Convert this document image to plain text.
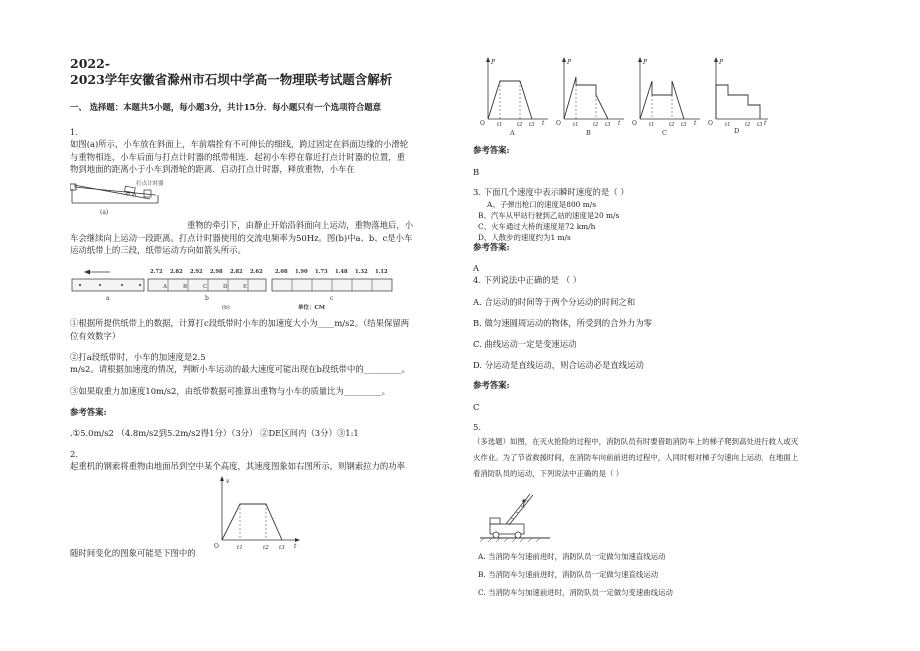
2022-
2023学年安徽省滁州市石坝中学高一物理联考试题含解析
一、 选择题：本题共5小题，每小题3分，共计15分．每小题只有一个选项符合题意
1.
如图(a)所示，小车放在斜面上，车前端拴有不可伸长的细线，跨过固定在斜面边缘的小滑轮
与重物相连，小车后面与打点计时器的纸带相连．起初小车停在靠近打点计时器的位置，重
物到地面的距离小于小车到滑轮的距离．启动打点计时器，释放重物，小车在
打点计时器
(a)
重物的牵引下，由静止开始沿斜面向上运动，重物落地后，小
车会继续向上运动一段距离。打点计时器使用的交流电频率为50Hz。图(b)中a、b、c是小车
运动纸带上的三段，纸带运动方向如箭头所示。
a
2.72 2.82 2.92 2.98 2.82 2.62
A	B	C	D	E
b
2.08 1.90 1.73 1.48 1.32 1.12
c
(b)	单位：CM
①根据所提供纸带上的数据，计算打c段纸带时小车的加速度大小为____m/s2。（结果保留两
位有效数字）
②打a段纸带时，小车的加速度是2.5
m/s2。请根据加速度的情况，判断小车运动的最大速度可能出现在b段纸带中的_________。
③如果取重力加速度10m/s2，由纸带数据可推算出重物与小车的质量比为_________。
参考答案:
.①5.0m/s2 （4.8m/s2到5.2m/s2得1分）（3分） ②DE区间内（3分）③1:1
2.
起重机的钢索将重物由地面吊到空中某个高度，其速度图象如右图所示，则钢索拉力的功率
v
O	t1	t2 t3 t
随时间变化的图象可能是下图中的
P
O t1	t2 t3 t
A
P
O t1	t2 t3 t
B
P
O t1	t2 t3 t
C
P
O t1	t2 t3 t
D
参考答案:
B
3. 下面几个速度中表示瞬时速度的是（ ）
A、子弹出枪口的速度是800 m/s
B、汽车从甲站行驶到乙站的速度是20 m/s
C、火车通过大桥的速度是72 km/h
D、人散步的速度约为1 m/s
参考答案:
A
4. 下列说法中正确的是 （ ）
A. 合运动的时间等于两个分运动的时间之和
B. 做匀速圆周运动的物体，所受到的合外力为零
C. 曲线运动一定是变速运动
D. 分运动是直线运动，则合运动必是直线运动
参考答案:
C
5.
（多选题）如图，在灭火抢险的过程中，消防队员有时要借助消防车上的梯子爬到高处进行救人或灭
火作业。为了节省救援时间，在消防车向前前进的过程中，人同时相对梯子匀速向上运动．在地面上
看消防队员的运动，下列说法中正确的是（ ）
A. 当消防车匀速前进时，消防队员一定做匀加速直线运动
B. 当消防车匀速前进时，消防队员一定做匀速直线运动
C. 当消防车匀加速前进时，消防队员一定做匀变速曲线运动
